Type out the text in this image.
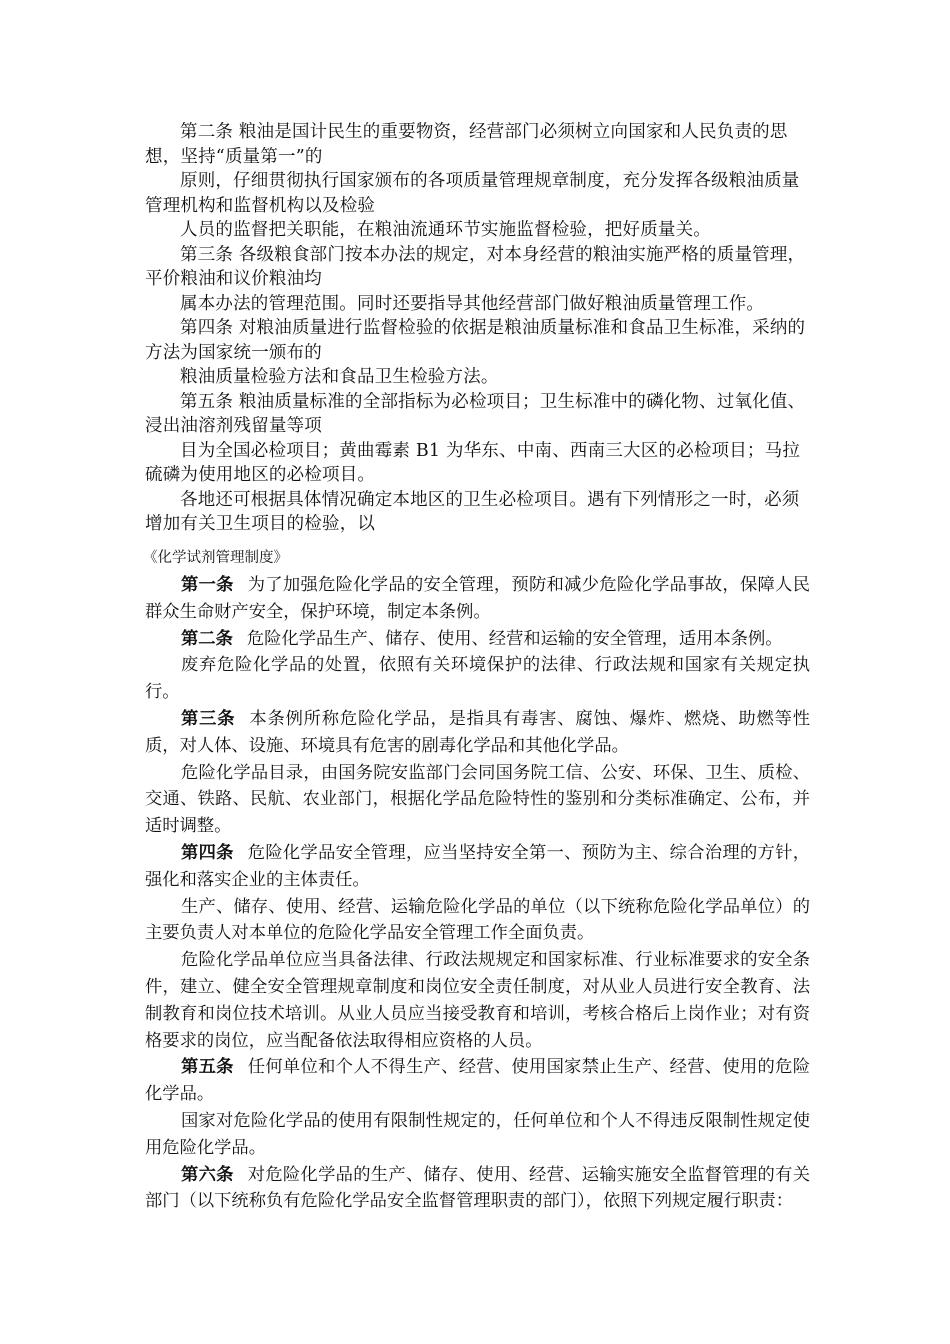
第二条 粮油是国计民生的重要物资，经营部门必须树立向国家和人民负责的思想，坚持“质量第一”的

原则，仔细贯彻执行国家颁布的各项质量管理规章制度，充分发挥各级粮油质量管理机构和监督机构以及检验

人员的监督把关职能，在粮油流通环节实施监督检验，把好质量关。

第三条 各级粮食部门按本办法的规定，对本身经营的粮油实施严格的质量管理，平价粮油和议价粮油均

属本办法的管理范围。同时还要指导其他经营部门做好粮油质量管理工作。

第四条 对粮油质量进行监督检验的依据是粮油质量标准和食品卫生标准，采纳的方法为国家统一颁布的

粮油质量检验方法和食品卫生检验方法。

第五条 粮油质量标准的全部指标为必检项目；卫生标准中的磷化物、过氧化值、浸出油溶剂残留量等项

目为全国必检项目；黄曲霉素 B1 为华东、中南、西南三大区的必检项目；马拉硫磷为使用地区的必检项目。

各地还可根据具体情况确定本地区的卫生必检项目。遇有下列情形之一时，必须增加有关卫生项目的检验，以

《化学试剂管理制度》

第一条 为了加强危险化学品的安全管理，预防和减少危险化学品事故，保障人民群众生命财产安全，保护环境，制定本条例。

第二条 危险化学品生产、储存、使用、经营和运输的安全管理，适用本条例。

废弃危险化学品的处置，依照有关环境保护的法律、行政法规和国家有关规定执行。

第三条 本条例所称危险化学品，是指具有毒害、腐蚀、爆炸、燃烧、助燃等性质，对人体、设施、环境具有危害的剧毒化学品和其他化学品。

危险化学品目录，由国务院安监部门会同国务院工信、公安、环保、卫生、质检、交通、铁路、民航、农业部门，根据化学品危险特性的鉴别和分类标准确定、公布，并适时调整。

第四条 危险化学品安全管理，应当坚持安全第一、预防为主、综合治理的方针，强化和落实企业的主体责任。

生产、储存、使用、经营、运输危险化学品的单位（以下统称危险化学品单位）的主要负责人对本单位的危险化学品安全管理工作全面负责。

危险化学品单位应当具备法律、行政法规规定和国家标准、行业标准要求的安全条件，建立、健全安全管理规章制度和岗位安全责任制度，对从业人员进行安全教育、法制教育和岗位技术培训。从业人员应当接受教育和培训，考核合格后上岗作业；对有资格要求的岗位，应当配备依法取得相应资格的人员。

第五条 任何单位和个人不得生产、经营、使用国家禁止生产、经营、使用的危险化学品。

国家对危险化学品的使用有限制性规定的，任何单位和个人不得违反限制性规定使用危险化学品。

第六条 对危险化学品的生产、储存、使用、经营、运输实施安全监督管理的有关部门（以下统称负有危险化学品安全监督管理职责的部门），依照下列规定履行职责：
